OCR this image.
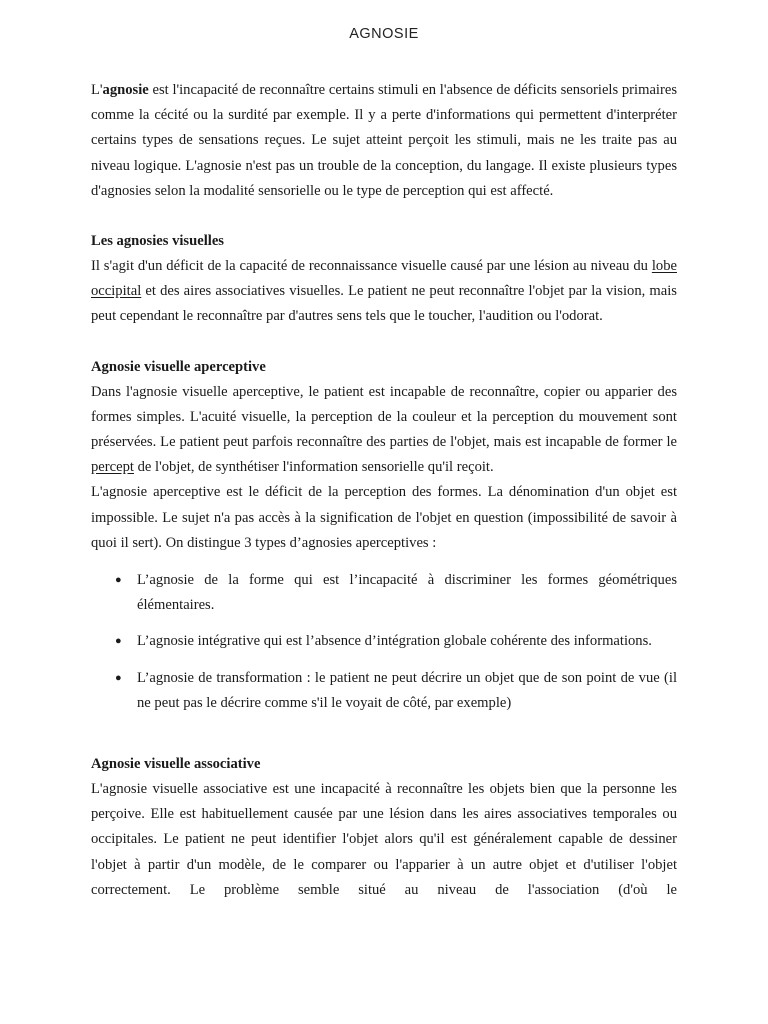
AGNOSIE

L'agnosie est l'incapacité de reconnaître certains stimuli en l'absence de déficits sensoriels primaires comme la cécité ou la surdité par exemple. Il y a perte d'informations qui permettent d'interpréter certains types de sensations reçues. Le sujet atteint perçoit les stimuli, mais ne les traite pas au niveau logique. L'agnosie n'est pas un trouble de la conception, du langage. Il existe plusieurs types d'agnosies selon la modalité sensorielle ou le type de perception qui est affecté.

Les agnosies visuelles

Il s'agit d'un déficit de la capacité de reconnaissance visuelle causé par une lésion au niveau du lobe occipital et des aires associatives visuelles. Le patient ne peut reconnaître l'objet par la vision, mais peut cependant le reconnaître par d'autres sens tels que le toucher, l'audition ou l'odorat.

Agnosie visuelle aperceptive

Dans l'agnosie visuelle aperceptive, le patient est incapable de reconnaître, copier ou apparier des formes simples. L'acuité visuelle, la perception de la couleur et la perception du mouvement sont préservées. Le patient peut parfois reconnaître des parties de l'objet, mais est incapable de former le percept de l'objet, de synthétiser l'information sensorielle qu'il reçoit.

L'agnosie aperceptive est le déficit de la perception des formes. La dénomination d'un objet est impossible. Le sujet n'a pas accès à la signification de l'objet en question (impossibilité de savoir à quoi il sert). On distingue 3 types d’agnosies aperceptives :

● L’agnosie de la forme qui est l’incapacité à discriminer les formes géométriques élémentaires.
● L’agnosie intégrative qui est l’absence d’intégration globale cohérente des informations.
● L’agnosie de transformation : le patient ne peut décrire un objet que de son point de vue (il ne peut pas le décrire comme s'il le voyait de côté, par exemple)

Agnosie visuelle associative

L'agnosie visuelle associative est une incapacité à reconnaître les objets bien que la personne les perçoive. Elle est habituellement causée par une lésion dans les aires associatives temporales ou occipitales. Le patient ne peut identifier l'objet alors qu'il est généralement capable de dessiner l'objet à partir d'un modèle, de le comparer ou l'apparier à un autre objet et d'utiliser l'objet correctement. Le problème semble situé au niveau de l'association (d'où le
